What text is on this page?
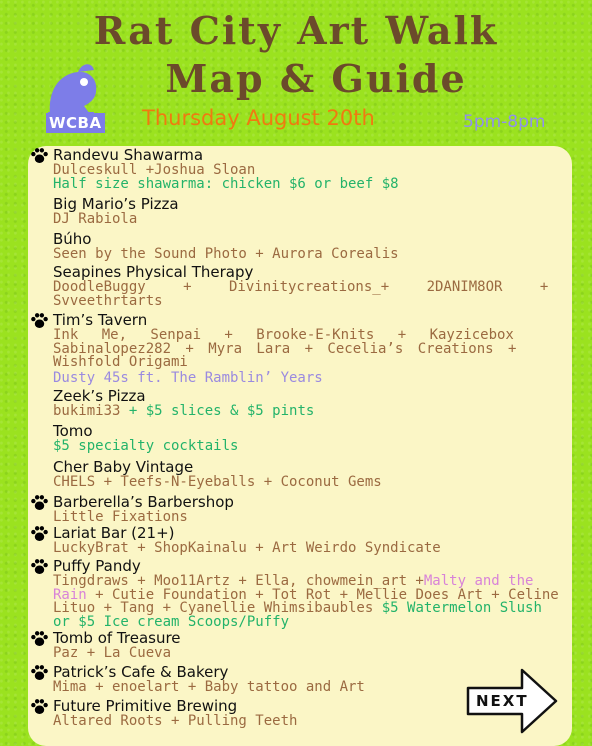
Rat City Art Walk
Map & Guide
WCBA Thursday August 20th	5pm-8pm
Randevu Shawarma
Dulceskull +Joshua Sloan
Half size shawarma: chicken $6 or beef $8
Big Mario’s Pizza
DJ Rabiola
Búho
Seen by the Sound Photo + Aurora Corealis
Seapines Physical Therapy
DoodleBuggy + Divinitycreations_+ 2DANIM8OR +
Svveethrtarts
Tim’s Tavern
Ink Me, Senpai + Brooke-E-Knits + Kayzicebox
Sabinalopez282 + Myra Lara + Cecelia’s Creations +
Wishfold Origami
Dusty 45s ft. The Ramblin’ Years
Zeek’s Pizza
bukimi33 + $5 slices & $5 pints
Tomo
$5 specialty cocktails
Cher Baby Vintage
CHELS + Teefs-N-Eyeballs + Coconut Gems
Barberella’s Barbershop
Little Fixations
Lariat Bar (21+)
LuckyBrat + ShopKainalu + Art Weirdo Syndicate
Puffy Pandy
Tingdraws + Moo11Artz + Ella, chowmein_art +Malty and the
Rain + Cutie Foundation + Tot Rot + Mellie Does Art + Celine
Lituo + Tang + Cyanellie Whimsibaubles $5 Watermelon Slush
or $5 Ice cream Scoops/Puffy
Tomb of Treasure
Paz + La Cueva
Patrick’s Cafe & Bakery
Mima + enoelart + Baby tattoo and Art
Future Primitive Brewing
Altared Roots + Pulling Teeth
NEXT
